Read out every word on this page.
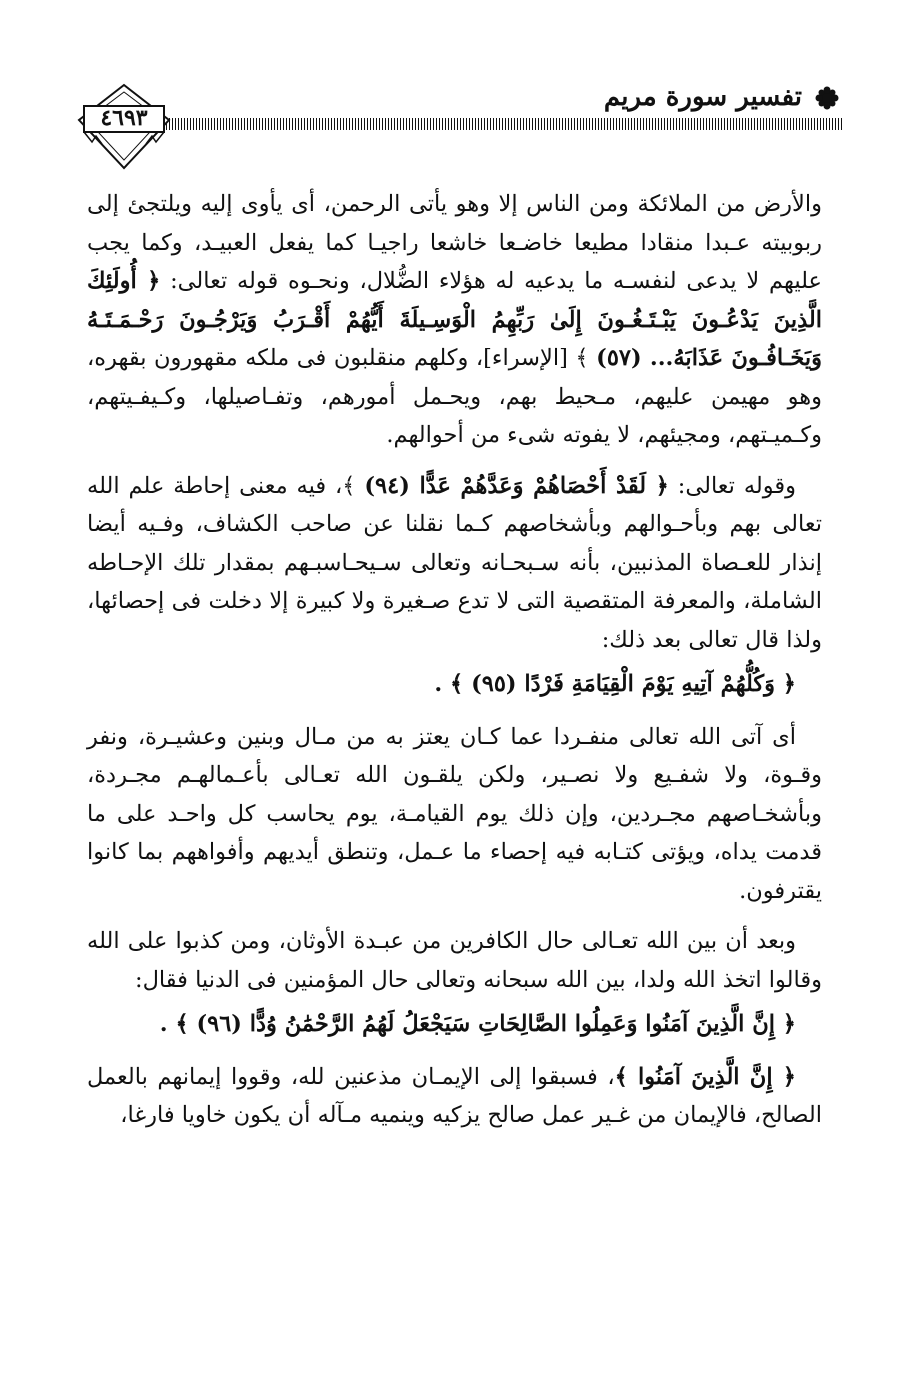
تفسير سورة مريم
٤٦٩٣

والأرض من الملائكة ومن الناس إلا وهو يأتى الرحمن، أى يأوى إليه ويلتجئ إلى ربوبيته عـبدا منقادا مطيعا خاضـعا خاشعا راجيـا كما يفعل العبيـد، وكما يجب عليهم لا يدعى لنفسـه ما يدعيه له هؤلاء الضُّلال، ونحـوه قوله تعالى: ﴿ أُولَئِكَ الَّذِينَ يَدْعُـونَ يَبْـتَـغُـونَ إِلَىٰ رَبِّهِمُ الْوَسِـيلَةَ أَيُّهُمْ أَقْـرَبُ وَيَرْجُـونَ رَحْـمَـتَـهُ وَيَخَـافُـونَ عَذَابَهُ... (٥٧) ﴾ [الإسراء]، وكلهم منقلبون فى ملكه مقهورون بقهره، وهو مهيمن عليهم، مـحيط بهم، ويحـمل أمورهم، وتفـاصيلها، وكـيفـيتهم، وكـميـتهم، ومجيئهم، لا يفوته شىء من أحوالهم.

وقوله تعالى: ﴿ لَقَدْ أَحْصَاهُمْ وَعَدَّهُمْ عَدًّا (٩٤) ﴾، فيه معنى إحاطة علم الله تعالى بهم وبأحـوالهم وبأشخاصهم كـما نقلنا عن صاحب الكشاف، وفـيه أيضا إنذار للعـصاة المذنبين، بأنه سـبحـانه وتعالى سـيحـاسبـهم بمقدار تلك الإحـاطه الشاملة، والمعرفة المتقصية التى لا تدع صـغيرة ولا كبيرة إلا دخلت فى إحصائها، ولذا قال تعالى بعد ذلك:

﴿ وَكُلُّهُمْ آتِيهِ يَوْمَ الْقِيَامَةِ فَرْدًا (٩٥) ﴾ .

أى آتى الله تعالى منفـردا عما كـان يعتز به من مـال وبنين وعشيـرة، ونفر وقـوة، ولا شفـيع ولا نصـير، ولكن يلقـون الله تعـالى بأعـمالهـم مجـردة، وبأشخـاصهم مجـردين، وإن ذلك يوم القيامـة، يوم يحاسب كل واحـد على ما قدمت يداه، ويؤتى كتـابه فيه إحصاء ما عـمل، وتنطق أيديهم وأفواههم بما كانوا يقترفون.

وبعد أن بين الله تعـالى حال الكافرين من عبـدة الأوثان، ومن كذبوا على الله وقالوا اتخذ الله ولدا، بين الله سبحانه وتعالى حال المؤمنين فى الدنيا فقال:

﴿ إِنَّ الَّذِينَ آمَنُوا وَعَمِلُوا الصَّالِحَاتِ سَيَجْعَلُ لَهُمُ الرَّحْمَٰنُ وُدًّا (٩٦) ﴾ .

﴿ إِنَّ الَّذِينَ آمَنُوا ﴾، فسبقوا إلى الإيمـان مذعنين لله، وقووا إيمانهم بالعمل الصالح، فالإيمان من غـير عمل صالح يزكيه وينميه مـآله أن يكون خاويا فارغا،
